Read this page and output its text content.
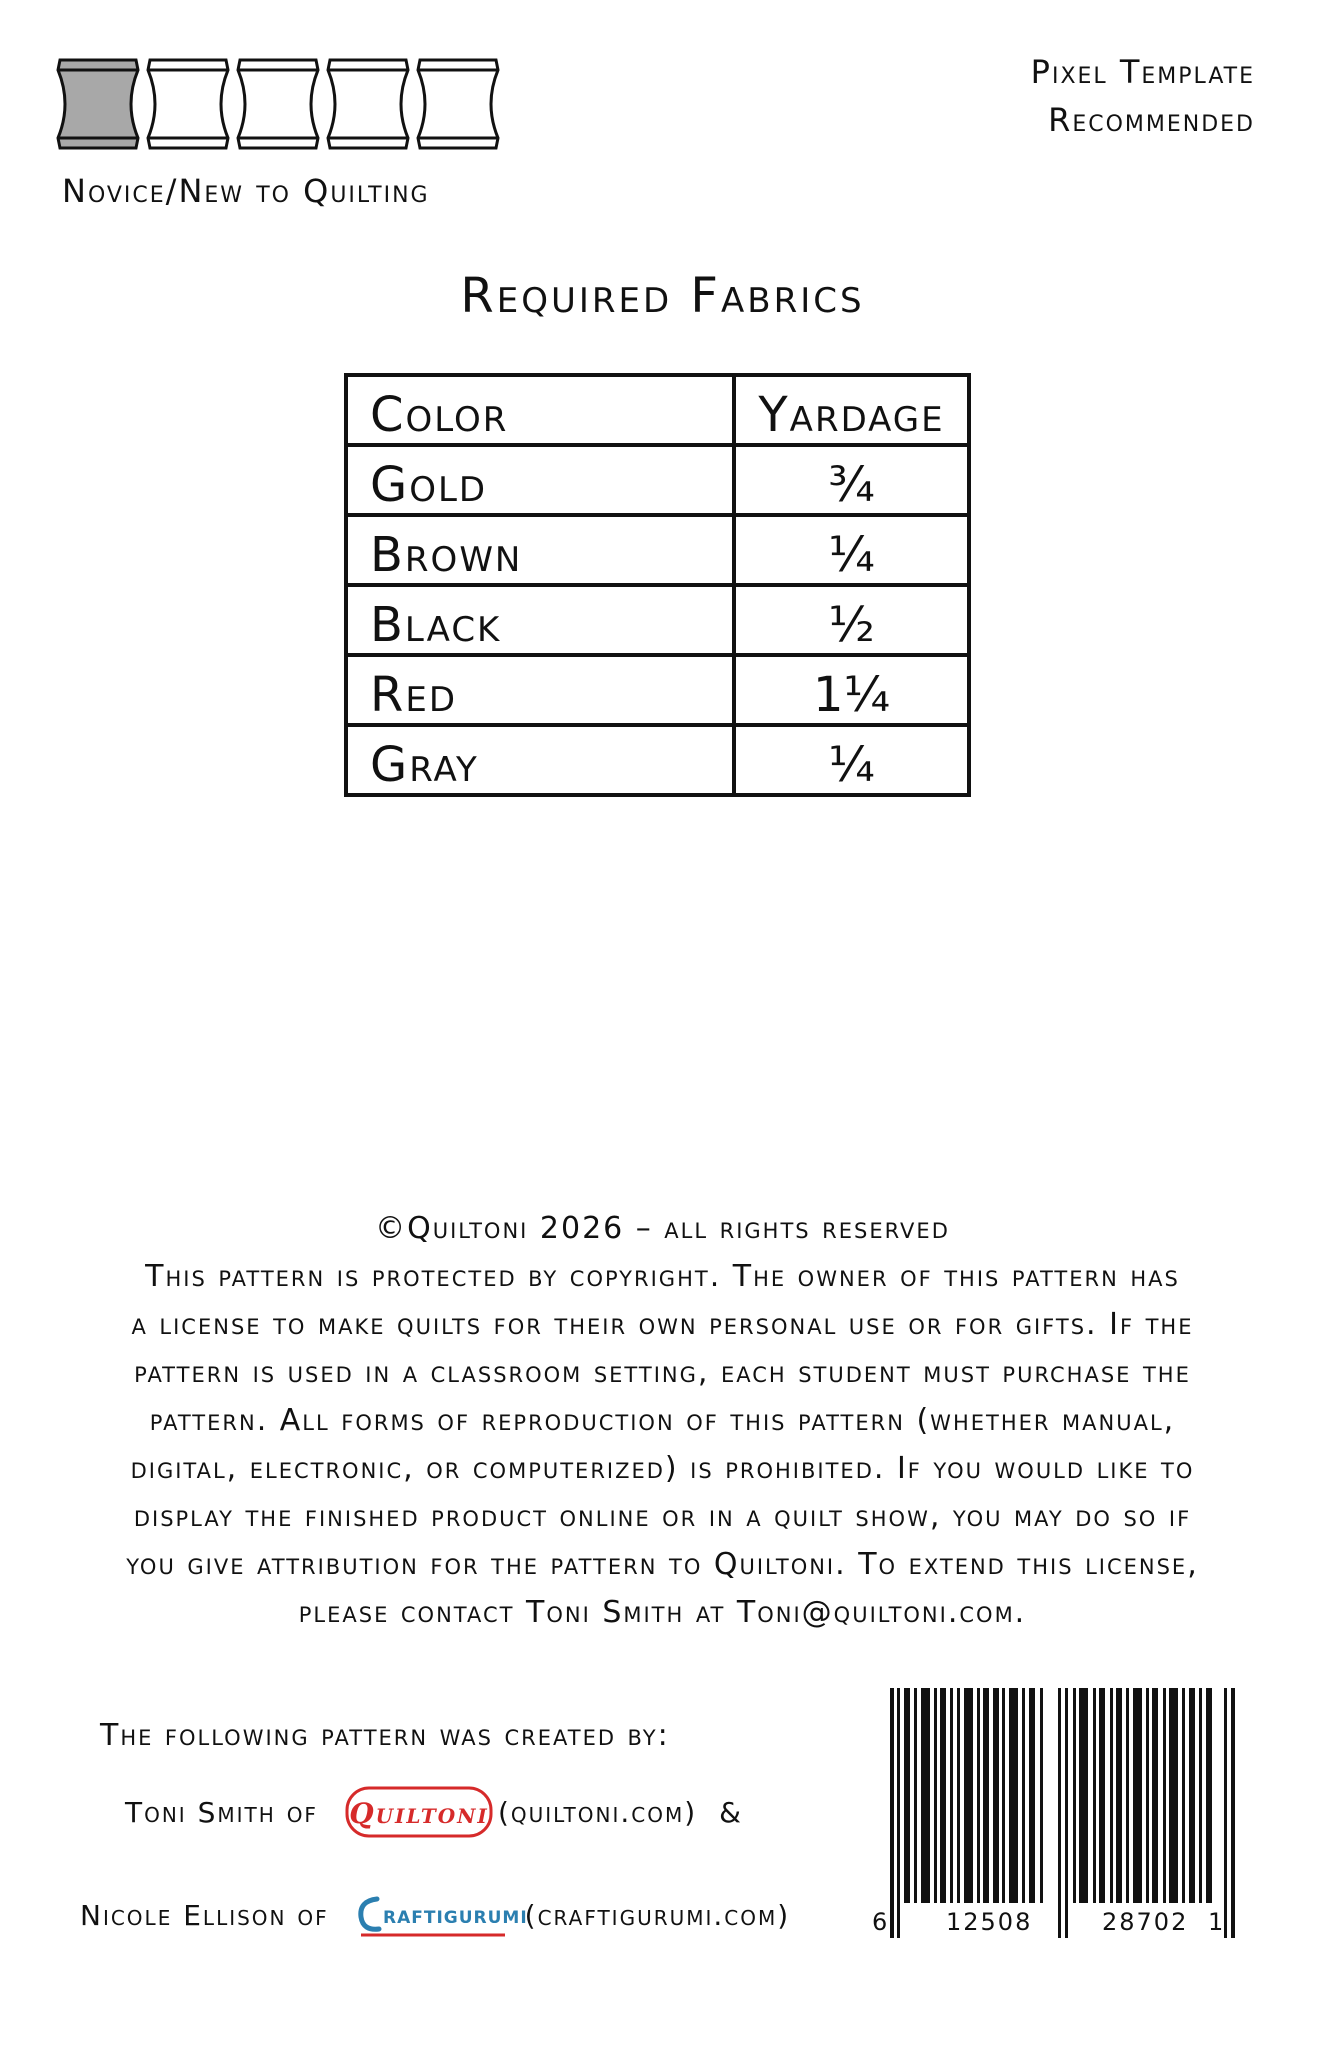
Novice/New to Quilting
Pixel Template
Recommended
Required Fabrics
Color	Yardage
Gold	¾
Brown	¼
Black	½
Red	1¼
Gray	¼
©Quiltoni 2026 – all rights reserved
This pattern is protected by copyright. The owner of this pattern has
a license to make quilts for their own personal use or for gifts. If the
pattern is used in a classroom setting, each student must purchase the
pattern. All forms of reproduction of this pattern (whether manual,
digital, electronic, or computerized) is prohibited. If you would like to
display the finished product online or in a quilt show, you may do so if
you give attribution for the pattern to Quiltoni. To extend this license,
please contact Toni Smith at Toni@quiltoni.com.
The following pattern was created by:
Toni Smith of Quiltoni (quiltoni.com) &
Nicole Ellison of	RAFTIGURUMI
(craftigurumi.com)	6 12508	28702 1
